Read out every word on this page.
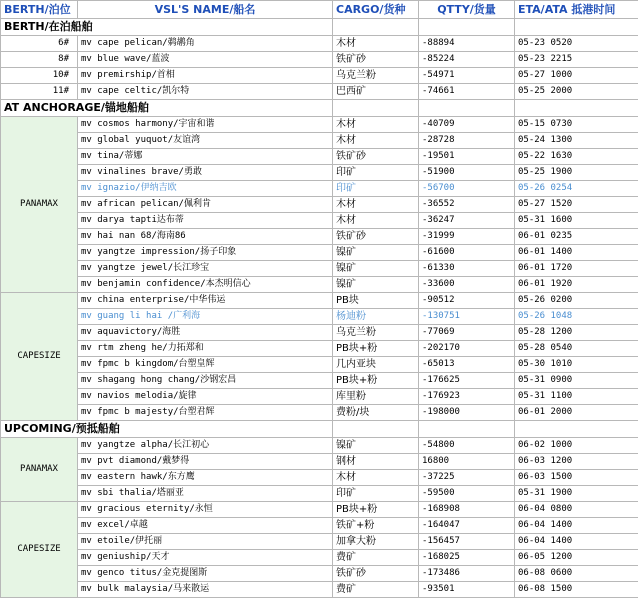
BERTH/泊位	VSL'S NAME/船名	CARGO/货种	QTTY/货量	ETA/ATA 抵港时间
BERTH/在泊船舶				
6#	mv cape pelican/鹈鹕角	木材	-88894	05-23 0520
8#	mv blue wave/蓝波	铁矿砂	-85224	05-23 2215
10#	mv premirship/首相	乌克兰粉	-54971	05-27 1000
11#	mv cape celtic/凯尔特	巴西矿	-74661	05-25 2000
AT ANCHORAGE/锚地船舶				
PANAMAX	mv cosmos harmony/宇宙和谐	木材	-40709	05-15 0730
	mv global yuquot/友谊湾	木材	-28728	05-24 1300
	mv tina/蒂娜	铁矿砂	-19501	05-22 1630
	mv vinalines brave/勇敢	印矿	-51900	05-25 1900
	mv ignazio/伊纳吉欧	印矿	-56700	05-26 0254
	mv african pelican/佩利肯	木材	-36552	05-27 1520
	mv darya tapti达布蒂	木材	-36247	05-31 1600
	mv hai nan 68/海南86	铁矿砂	-31999	06-01 0235
	mv yangtze impression/扬子印象	镍矿	-61600	06-01 1400
	mv yangtze jewel/长江珍宝	镍矿	-61330	06-01 1720
	mv benjamin confidence/本杰明信心	镍矿	-33600	06-01 1920
CAPESIZE	mv china enterprise/中华伟运	PB块	-90512	05-26 0200
	mv guang li hai /广利海	杨迪粉	-130751	05-26 1048
	mv aquavictory/海胜	乌克兰粉	-77069	05-28 1200
	mv rtm zheng he/力拓郑和	PB块+粉	-202170	05-28 0540
	mv fpmc b kingdom/台塑皇辉	几内亚块	-65013	05-30 1010
	mv shagang hong chang/沙钢宏昌	PB块+粉	-176625	05-31 0900
	mv navios melodia/旋律	库里粉	-176923	05-31 1100
	mv fpmc b majesty/台塑君辉	费粉/块	-198000	06-01 2000
UPCOMING/预抵船舶				
PANAMAX	mv yangtze alpha/长江初心	镍矿	-54800	06-02 1000
	mv pvt diamond/戴梦得	钢材	16800	06-03 1200
	mv eastern hawk/东方鹰	木材	-37225	06-03 1500
	mv sbi thalia/塔丽亚	印矿	-59500	05-31 1900
CAPESIZE	mv gracious eternity/永恒	PB块+粉	-168908	06-04 0800
	mv excel/卓越	铁矿+粉	-164047	06-04 1400
	mv etoile/伊托丽	加拿大粉	-156457	06-04 1400
	mv geniuship/天才	费矿	-168025	06-05 1200
	mv genco titus/金克提图斯	铁矿砂	-173486	06-08 0600
	mv bulk malaysia/马来散运	费矿	-93501	06-08 1500
